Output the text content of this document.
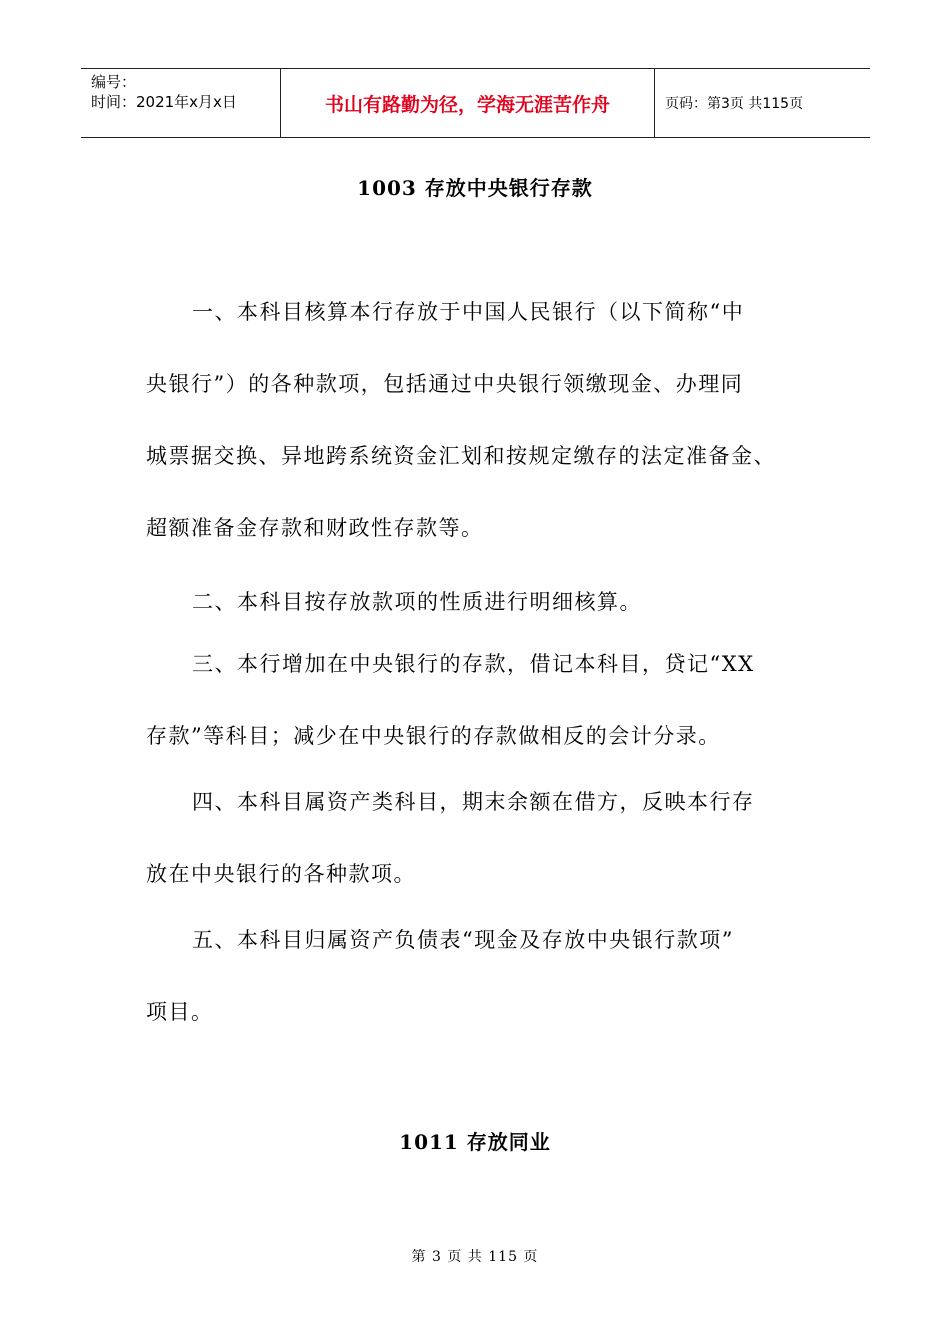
编号：
时间：2021年x月x日	书山有路勤为径，学海无涯苦作舟	页码：第3页 共115页
1003 存放中央银行存款
一、本科目核算本行存放于中国人民银行（以下简称“中
央银行”）的各种款项，包括通过中央银行领缴现金、办理同
城票据交换、异地跨系统资金汇划和按规定缴存的法定准备金、
超额准备金存款和财政性存款等。
二、本科目按存放款项的性质进行明细核算。
三、本行增加在中央银行的存款，借记本科目，贷记“XX
存款”等科目；减少在中央银行的存款做相反的会计分录。
四、本科目属资产类科目，期末余额在借方，反映本行存
放在中央银行的各种款项。
五、本科目归属资产负债表“现金及存放中央银行款项”
项目。
1011 存放同业
第 3 页 共 115 页
